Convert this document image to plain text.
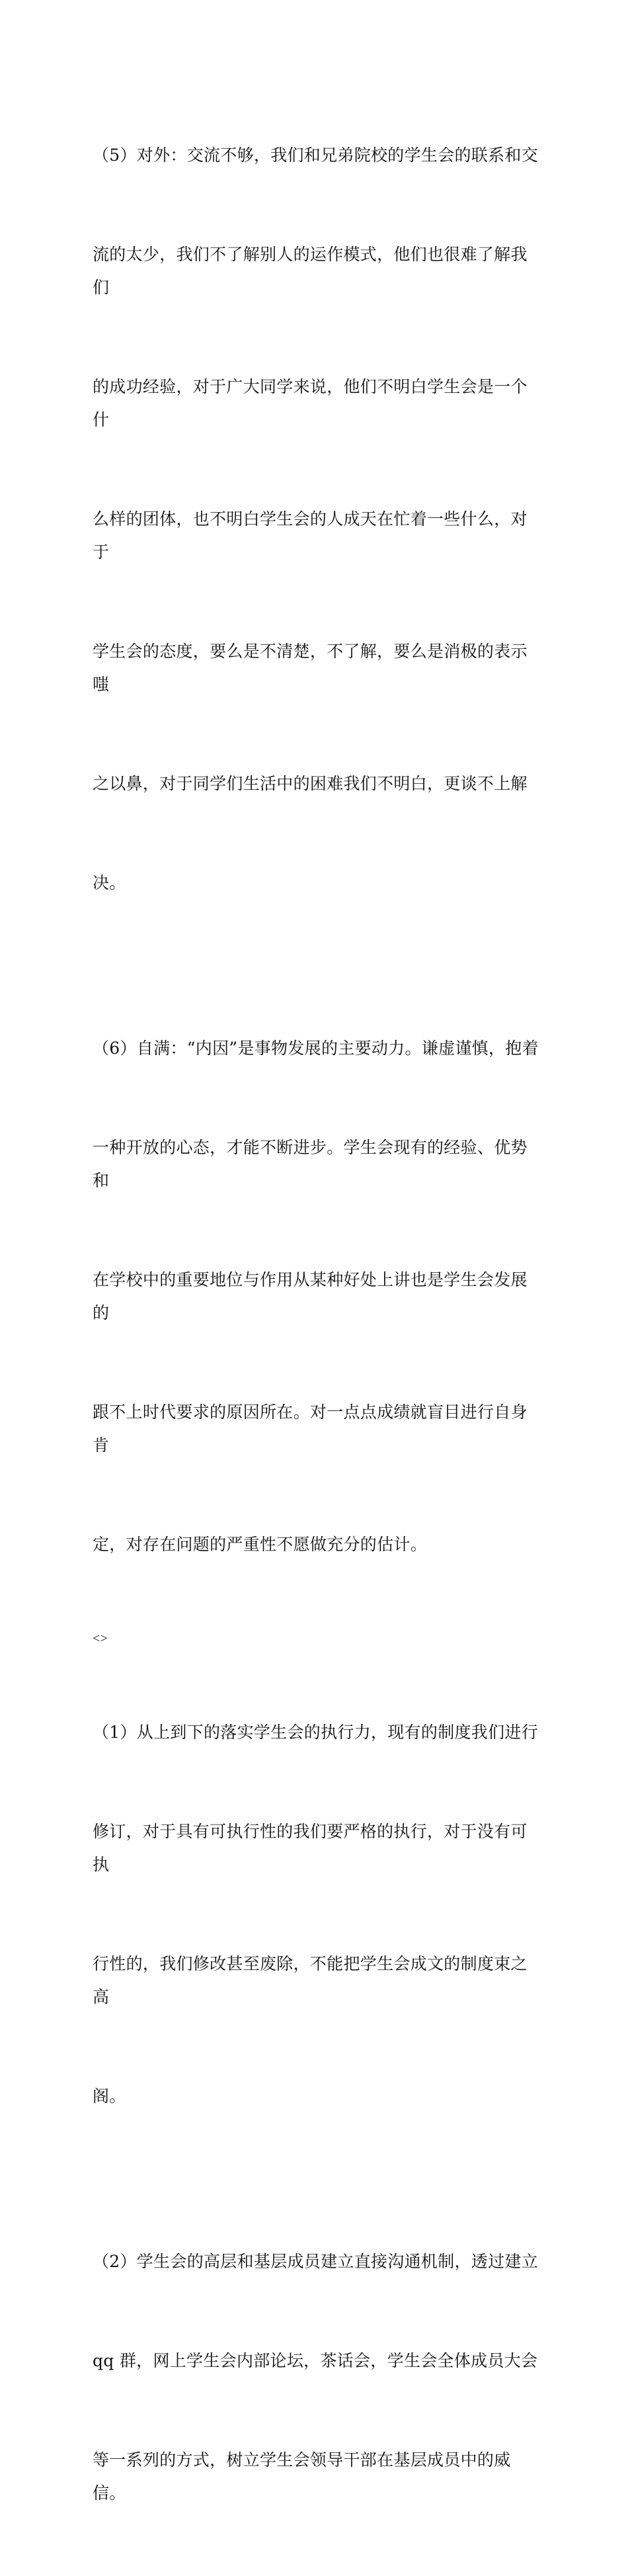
（5）对外：交流不够，我们和兄弟院校的学生会的联系和交

流的太少，我们不了解别人的运作模式，他们也很难了解我们

的成功经验，对于广大同学来说，他们不明白学生会是一个什

么样的团体，也不明白学生会的人成天在忙着一些什么，对于

学生会的态度，要么是不清楚，不了解，要么是消极的表示嗤

之以鼻，对于同学们生活中的困难我们不明白，更谈不上解

决。

（6）自满：“内因”是事物发展的主要动力。谦虚谨慎，抱着

一种开放的心态，才能不断进步。学生会现有的经验、优势和

在学校中的重要地位与作用从某种好处上讲也是学生会发展的

跟不上时代要求的原因所在。对一点点成绩就盲目进行自身肯

定，对存在问题的严重性不愿做充分的估计。

<>

（1）从上到下的落实学生会的执行力，现有的制度我们进行

修订，对于具有可执行性的我们要严格的执行，对于没有可执

行性的，我们修改甚至废除，不能把学生会成文的制度束之高

阁。

（2）学生会的高层和基层成员建立直接沟通机制，透过建立

qq 群，网上学生会内部论坛，茶话会，学生会全体成员大会

等一系列的方式，树立学生会领导干部在基层成员中的威信。
